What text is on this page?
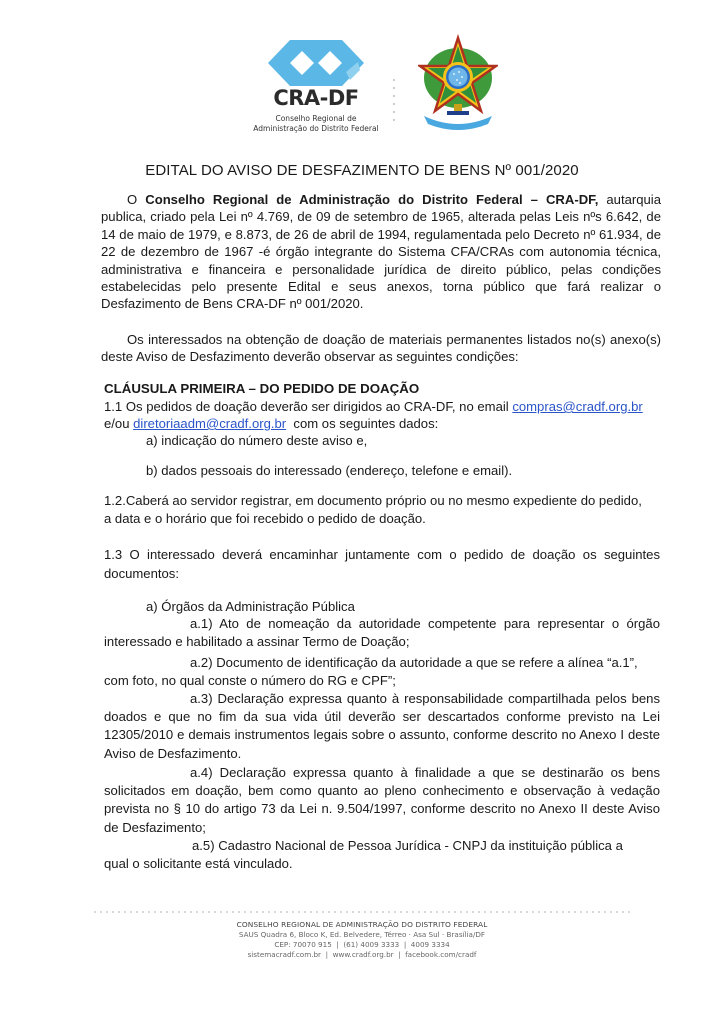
CRA-DF
Conselho Regional de
Administração do Distrito Federal
EDITAL DO AVISO DE DESFAZIMENTO DE BENS Nº 001/2020
O Conselho Regional de Administração do Distrito Federal – CRA-DF, autarquia publica, criado pela Lei nº 4.769, de 09 de setembro de 1965, alterada pelas Leis nºs 6.642, de 14 de maio de 1979, e 8.873, de 26 de abril de 1994, regulamentada pelo Decreto nº 61.934, de 22 de dezembro de 1967 -é órgão integrante do Sistema CFA/CRAs com autonomia técnica, administrativa e financeira e personalidade jurídica de direito público, pelas condições estabelecidas pelo presente Edital e seus anexos, torna público que fará realizar o Desfazimento de Bens CRA-DF nº 001/2020.
Os interessados na obtenção de doação de materiais permanentes listados no(s) anexo(s) deste Aviso de Desfazimento deverão observar as seguintes condições:
CLÁUSULA PRIMEIRA – DO PEDIDO DE DOAÇÃO
1.1 Os pedidos de doação deverão ser dirigidos ao CRA-DF, no email compras@cradf.org.br
e/ou diretoriaadm@cradf.org.br  com os seguintes dados:
a) indicação do número deste aviso e,
b) dados pessoais do interessado (endereço, telefone e email).
1.2.Caberá ao servidor registrar, em documento próprio ou no mesmo expediente do pedido,
a data e o horário que foi recebido o pedido de doação.
1.3 O interessado deverá encaminhar juntamente com o pedido de doação os seguintes documentos:
a) Órgãos da Administração Pública
a.1) Ato de nomeação da autoridade competente para representar o órgão interessado e habilitado a assinar Termo de Doação;
a.2) Documento de identificação da autoridade a que se refere a alínea “a.1”,
com foto, no qual conste o número do RG e CPF”;
a.3) Declaração expressa quanto à responsabilidade compartilhada pelos bens doados e que no fim da sua vida útil deverão ser descartados conforme previsto na Lei 12305/2010 e demais instrumentos legais sobre o assunto, conforme descrito no Anexo I deste Aviso de Desfazimento.
a.4) Declaração expressa quanto à finalidade a que se destinarão os bens solicitados em doação, bem como quanto ao pleno conhecimento e observação à vedação prevista no § 10 do artigo 73 da Lei n. 9.504/1997, conforme descrito no Anexo II deste Aviso de Desfazimento;
a.5) Cadastro Nacional de Pessoa Jurídica - CNPJ da instituição pública a
qual o solicitante está vinculado.
CONSELHO REGIONAL DE ADMINISTRAÇÃO DO DISTRITO FEDERAL
SAUS Quadra 6, Bloco K, Ed. Belvedere, Térreo · Asa Sul · Brasília/DF
CEP: 70070 915  |  (61) 4009 3333  |  4009 3334
sistemacradf.com.br  |  www.cradf.org.br  |  facebook.com/cradf
